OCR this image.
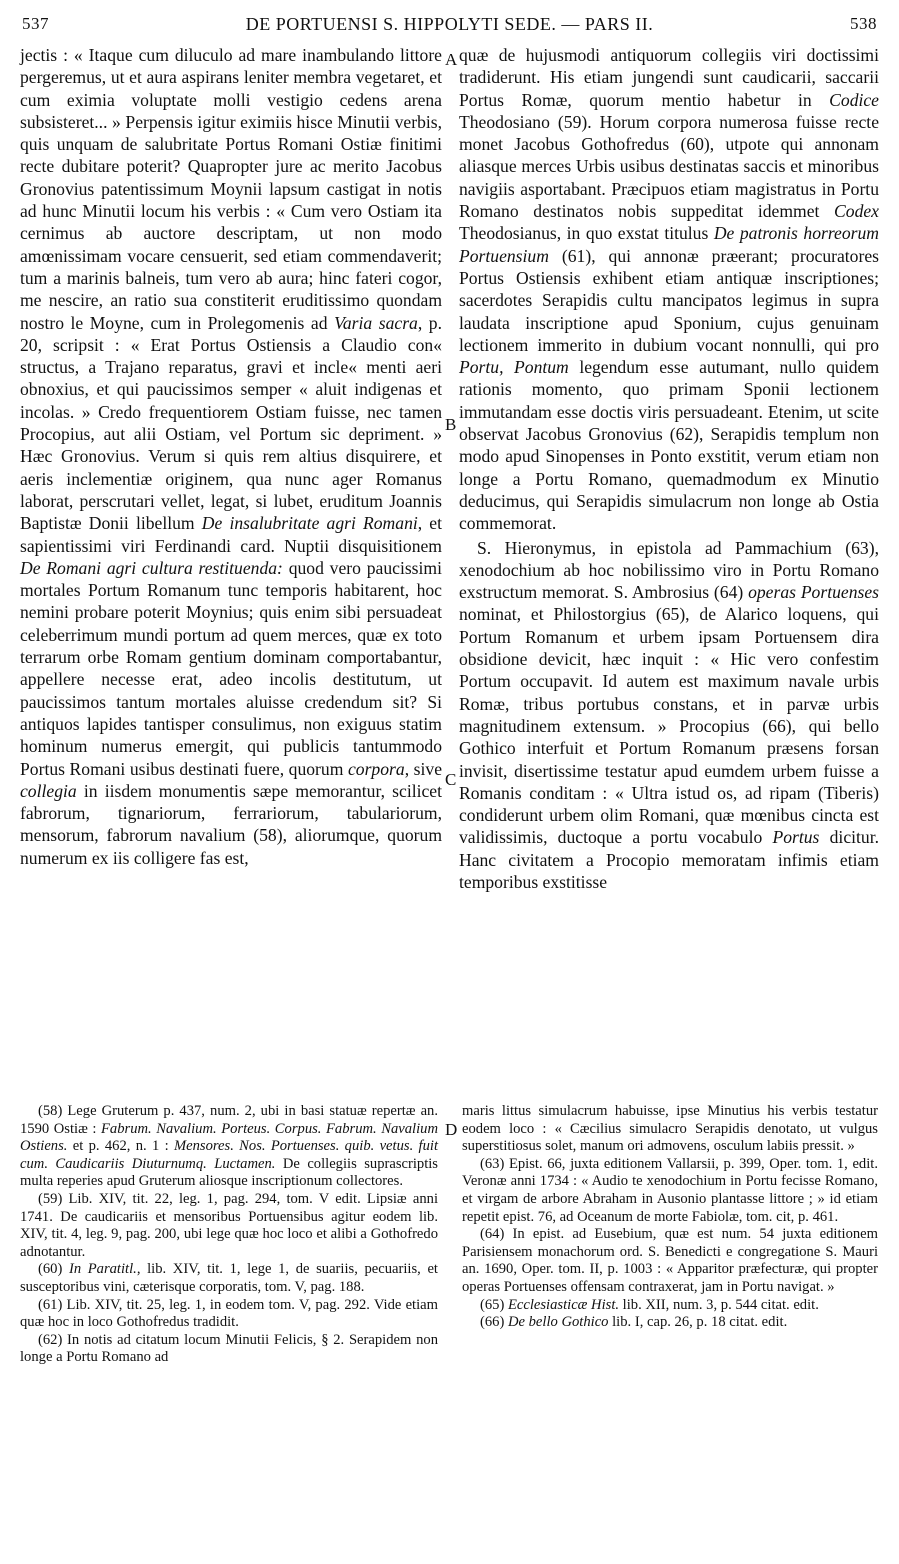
537	DE PORTUENSI S. HIPPOLYTI SEDE. — PARS II.	538
A
B
C
D

jectis : « Itaque cum diluculo ad mare inambulando littore pergeremus, ut et aura aspirans leniter membra vegetaret, et cum eximia voluptate molli vestigio cedens arena subsisteret... » Perpensis igitur eximiis hisce Minutii verbis, quis unquam de salubritate Portus Romani Ostiæ finitimi recte dubitare poterit? Quapropter jure ac merito Jacobus Gronovius patentissimum Moynii lapsum castigat in notis ad hunc Minutii locum his verbis : « Cum vero Ostiam ita cernimus ab auctore descriptam, ut non modo amœnissimam vocare censuerit, sed etiam commendaverit; tum a marinis balneis, tum vero ab aura; hinc fateri cogor, me nescire, an ratio sua constiterit eruditissimo quondam nostro le Moyne, cum in Prolegomenis ad Varia sacra, p. 20, scripsit : « Erat Portus Ostiensis a Claudio con« structus, a Trajano reparatus, gravi et incle« menti aeri obnoxius, et qui paucissimos semper « aluit indigenas et incolas. » Credo frequentiorem Ostiam fuisse, nec tamen Procopius, aut alii Ostiam, vel Portum sic depriment. » Hæc Gronovius. Verum si quis rem altius disquirere, et aeris inclementiæ originem, qua nunc ager Romanus laborat, perscrutari vellet, legat, si lubet, eruditum Joannis Baptistæ Donii libellum De insalubritate agri Romani, et sapientissimi viri Ferdinandi card. Nuptii disquisitionem De Romani agri cultura restituenda: quod vero paucissimi mortales Portum Romanum tunc temporis habitarent, hoc nemini probare poterit Moynius; quis enim sibi persuadeat celeberrimum mundi portum ad quem merces, quæ ex toto terrarum orbe Romam gentium dominam comportabantur, appellere necesse erat, adeo incolis destitutum, ut paucissimos tantum mortales aluisse credendum sit? Si antiquos lapides tantisper consulimus, non exiguus statim hominum numerus emergit, qui publicis tantummodo Portus Romani usibus destinati fuere, quorum corpora, sive collegia in iisdem monumentis sæpe memorantur, scilicet fabrorum, tignariorum, ferrariorum, tabulariorum, mensorum, fabrorum navalium (58), aliorumque, quorum numerum ex iis colligere fas est,

quæ de hujusmodi antiquorum collegiis viri doctissimi tradiderunt. His etiam jungendi sunt caudicarii, saccarii Portus Romæ, quorum mentio habetur in Codice Theodosiano (59). Horum corpora numerosa fuisse recte monet Jacobus Gothofredus (60), utpote qui annonam aliasque merces Urbis usibus destinatas saccis et minoribus navigiis asportabant. Præcipuos etiam magistratus in Portu Romano destinatos nobis suppeditat idemmet Codex Theodosianus, in quo exstat titulus De patronis horreorum Portuensium (61), qui annonæ præerant; procuratores Portus Ostiensis exhibent etiam antiquæ inscriptiones; sacerdotes Serapidis cultu mancipatos legimus in supra laudata inscriptione apud Sponium, cujus genuinam lectionem immerito in dubium vocant nonnulli, qui pro Portu, Pontum legendum esse autumant, nullo quidem rationis momento, quo primam Sponii lectionem immutandam esse doctis viris persuadeant. Etenim, ut scite observat Jacobus Gronovius (62), Serapidis templum non modo apud Sinopenses in Ponto exstitit, verum etiam non longe a Portu Romano, quemadmodum ex Minutio deducimus, qui Serapidis simulacrum non longe ab Ostia commemorat.

S. Hieronymus, in epistola ad Pammachium (63), xenodochium ab hoc nobilissimo viro in Portu Romano exstructum memorat. S. Ambrosius (64) operas Portuenses nominat, et Philostorgius (65), de Alarico loquens, qui Portum Romanum et urbem ipsam Portuensem dira obsidione devicit, hæc inquit : « Hic vero confestim Portum occupavit. Id autem est maximum navale urbis Romæ, tribus portubus constans, et in parvæ urbis magnitudinem extensum. » Procopius (66), qui bello Gothico interfuit et Portum Romanum præsens forsan invisit, disertissime testatur apud eumdem urbem fuisse a Romanis conditam : « Ultra istud os, ad ripam (Tiberis) condiderunt urbem olim Romani, quæ mœnibus cincta est validissimis, ductoque a portu vocabulo Portus dicitur. Hanc civitatem a Procopio memoratam infimis etiam temporibus exstitisse

(58) Lege Gruterum p. 437, num. 2, ubi in basi statuæ repertæ an. 1590 Ostiæ : Fabrum. Navalium. Porteus. Corpus. Fabrum. Navalium Ostiens. et p. 462, n. 1 : Mensores. Nos. Portuenses. quib. vetus. fuit cum. Caudicariis Diuturnumq. Luctamen. De collegiis suprascriptis multa reperies apud Gruterum aliosque inscriptionum collectores.

(59) Lib. XIV, tit. 22, leg. 1, pag. 294, tom. V edit. Lipsiæ anni 1741. De caudicariis et mensoribus Portuensibus agitur eodem lib. XIV, tit. 4, leg. 9, pag. 200, ubi lege quæ hoc loco et alibi a Gothofredo adnotantur.

(60) In Paratitl., lib. XIV, tit. 1, lege 1, de suariis, pecuariis, et susceptoribus vini, cæterisque corporatis, tom. V, pag. 188.

(61) Lib. XIV, tit. 25, leg. 1, in eodem tom. V, pag. 292. Vide etiam quæ hoc in loco Gothofredus tradidit.

(62) In notis ad citatum locum Minutii Felicis, § 2. Serapidem non longe a Portu Romano ad

maris littus simulacrum habuisse, ipse Minutius his verbis testatur eodem loco : « Cæcilius simulacro Serapidis denotato, ut vulgus superstitiosus solet, manum ori admovens, osculum labiis pressit. »

(63) Epist. 66, juxta editionem Vallarsii, p. 399, Oper. tom. 1, edit. Veronæ anni 1734 : « Audio te xenodochium in Portu fecisse Romano, et virgam de arbore Abraham in Ausonio plantasse littore ; » id etiam repetit epist. 76, ad Oceanum de morte Fabiolæ, tom. cit, p. 461.

(64) In epist. ad Eusebium, quæ est num. 54 juxta editionem Parisiensem monachorum ord. S. Benedicti e congregatione S. Mauri an. 1690, Oper. tom. II, p. 1003 : « Apparitor præfecturæ, qui propter operas Portuenses offensam contraxerat, jam in Portu navigat. »

(65) Ecclesiasticæ Hist. lib. XII, num. 3, p. 544 citat. edit.

(66) De bello Gothico lib. I, cap. 26, p. 18 citat. edit.
